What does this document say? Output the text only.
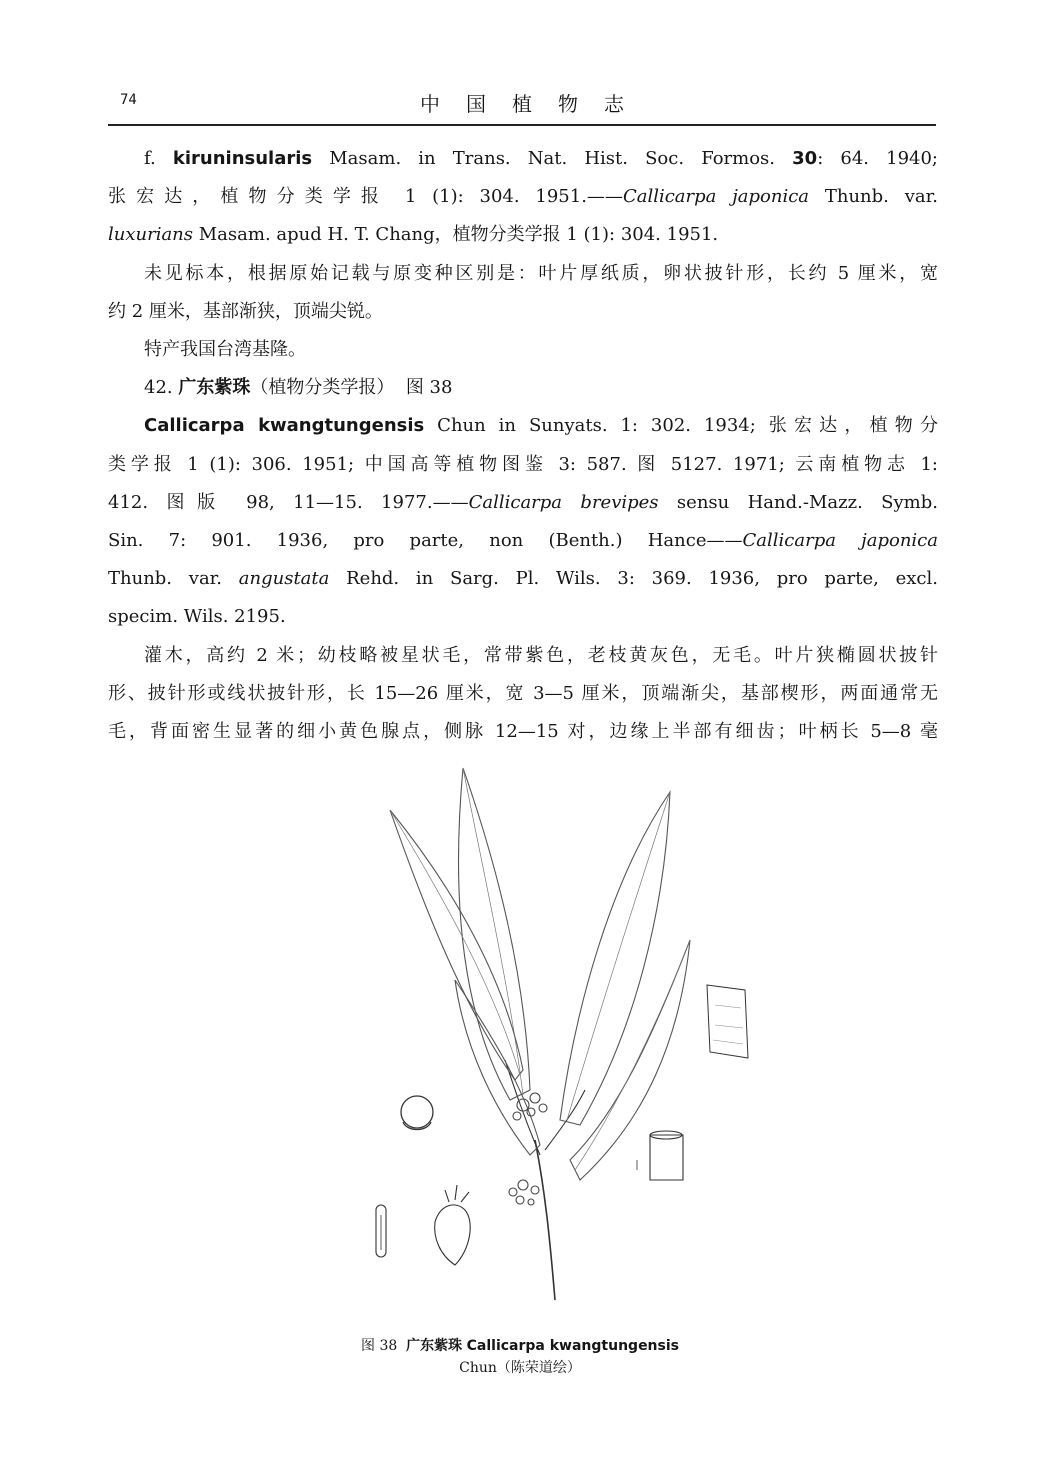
74	中国植物志
f. kiruninsularis Masam. in Trans. Nat. Hist. Soc. Formos. 30: 64. 1940;
张宏达，植物分类学报 1 (1): 304. 1951.——Callicarpa japonica Thunb. var.
luxurians Masam. apud H. T. Chang，植物分类学报 1 (1): 304. 1951.
未见标本，根据原始记载与原变种区别是：叶片厚纸质，卵状披针形，长约 5 厘米，宽
约 2 厘米，基部渐狭，顶端尖锐。
特产我国台湾基隆。
42. 广东紫珠（植物分类学报） 图 38
Callicarpa kwangtungensis Chun in Sunyats. 1: 302. 1934; 张宏达，植物分
类学报 1 (1): 306. 1951; 中国高等植物图鉴 3: 587. 图 5127. 1971; 云南植物志 1:
412. 图版 98, 11—15. 1977.——Callicarpa brevipes sensu Hand.-Mazz. Symb.
Sin. 7: 901. 1936, pro parte, non (Benth.) Hance——Callicarpa japonica
Thunb. var. angustata Rehd. in Sarg. Pl. Wils. 3: 369. 1936, pro parte, excl.
specim. Wils. 2195.
灌木，高约 2 米；幼枝略被星状毛，常带紫色，老枝黄灰色，无毛。叶片狭椭圆状披针
形、披针形或线状披针形，长 15—26 厘米，宽 3—5 厘米，顶端渐尖，基部楔形，两面通常无
毛，背面密生显著的细小黄色腺点，侧脉 12—15 对，边缘上半部有细齿；叶柄长 5—8 毫
图 38 广东紫珠 Callicarpa kwangtungensis
Chun（陈荣道绘）
